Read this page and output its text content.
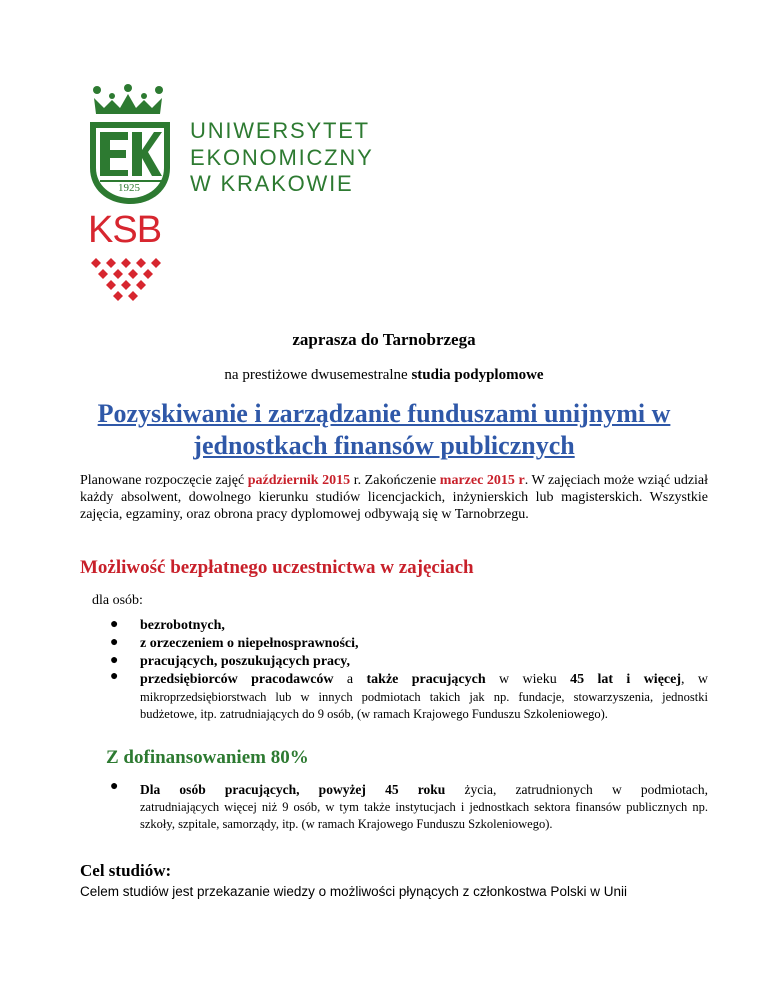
UNIWERSYTET
EKONOMICZNY
W KRAKOWIE
1925
KSB
zaprasza do Tarnobrzega
na prestiżowe dwusemestralne studia podyplomowe
Pozyskiwanie i zarządzanie funduszami unijnymi w jednostkach finansów publicznych
Planowane rozpoczęcie zajęć październik 2015 r. Zakończenie marzec 2015 r. W zajęciach może wziąć udział każdy absolwent, dowolnego kierunku studiów licencjackich, inżynierskich lub magisterskich. Wszystkie zajęcia, egzaminy, oraz obrona pracy dyplomowej odbywają się w Tarnobrzegu.
Możliwość bezpłatnego uczestnictwa w zajęciach
dla osób:
● bezrobotnych,
● z orzeczeniem o niepełnosprawności,
● pracujących, poszukujących pracy,
● przedsiębiorców pracodawców a także pracujących w wieku 45 lat i więcej, w
mikroprzedsiębiorstwach lub w innych podmiotach takich jak np. fundacje, stowarzyszenia, jednostki budżetowe, itp. zatrudniających do 9 osób, (w ramach Krajowego Funduszu Szkoleniowego).
Z dofinansowaniem 80%
● Dla osób pracujących, powyżej 45 roku życia, zatrudnionych w podmiotach,
zatrudniających więcej niż 9 osób, w tym także instytucjach i jednostkach sektora finansów publicznych np. szkoły, szpitale, samorządy, itp. (w ramach Krajowego Funduszu Szkoleniowego).
Cel studiów:
Celem studiów jest przekazanie wiedzy o możliwości płynących z członkostwa Polski w Unii
